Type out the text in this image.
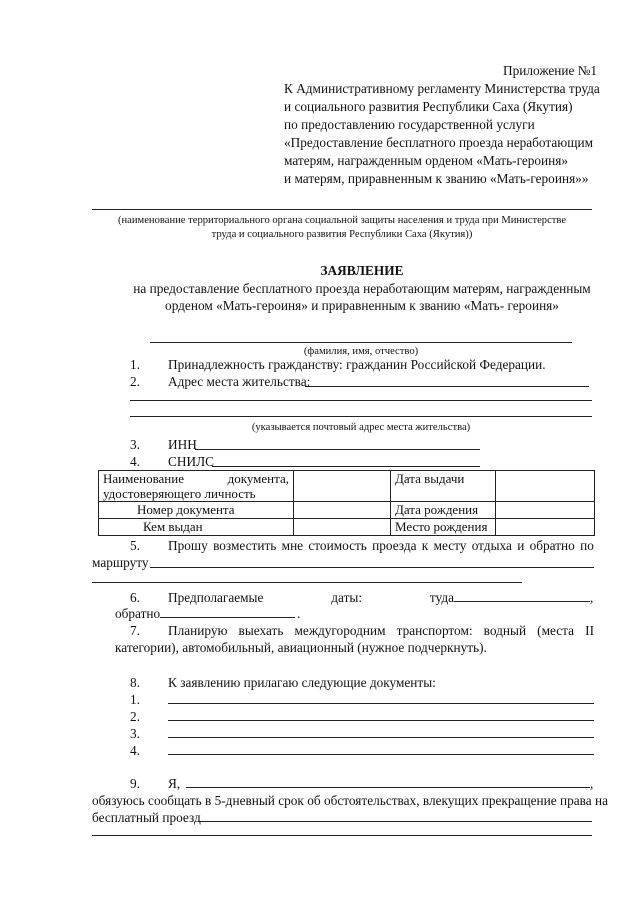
Приложение №1
К Административному регламенту Министерства труда
и социального развития Республики Саха (Якутия)
по предоставлению государственной услуги
«Предоставление бесплатного проезда неработающим
матерям, награжденным орденом «Мать-героиня»
и матерям, приравненным к званию «Мать-героиня»»
(наименование территориального органа социальной защиты населения и труда при Министерстве
труда и социального развития Республики Саха (Якутия))
ЗАЯВЛЕНИЕ
на предоставление бесплатного проезда неработающим матерям, награжденным
орденом «Мать-героиня» и приравненным к званию «Мать- героиня»
(фамилия, имя, отчество)
1. Принадлежность гражданству: гражданин Российской Федерации.
2. Адрес места жительства:
(указывается почтовый адрес места жительства)
3. ИНН
4. СНИЛС
Наименование документа,
удостоверяющего личность		Дата выдачи	
Номер документа		Дата рождения	
Кем выдан		Место рождения	
5. Прошу возместить мне стоимость проезда к месту отдыха и обратно по
маршруту
6. Предполагаемые	даты:	туда	,
обратно	.
7. Планирую выехать междугородним транспортом: водный (места II
категории), автомобильный, авиационный (нужное подчеркнуть).
8. К заявлению прилагаю следующие документы:
1.
2.
3.
4.
9. Я,	,
обязуюсь сообщать в 5-дневный срок об обстоятельствах, влекущих прекращение права на
бесплатный проезд
